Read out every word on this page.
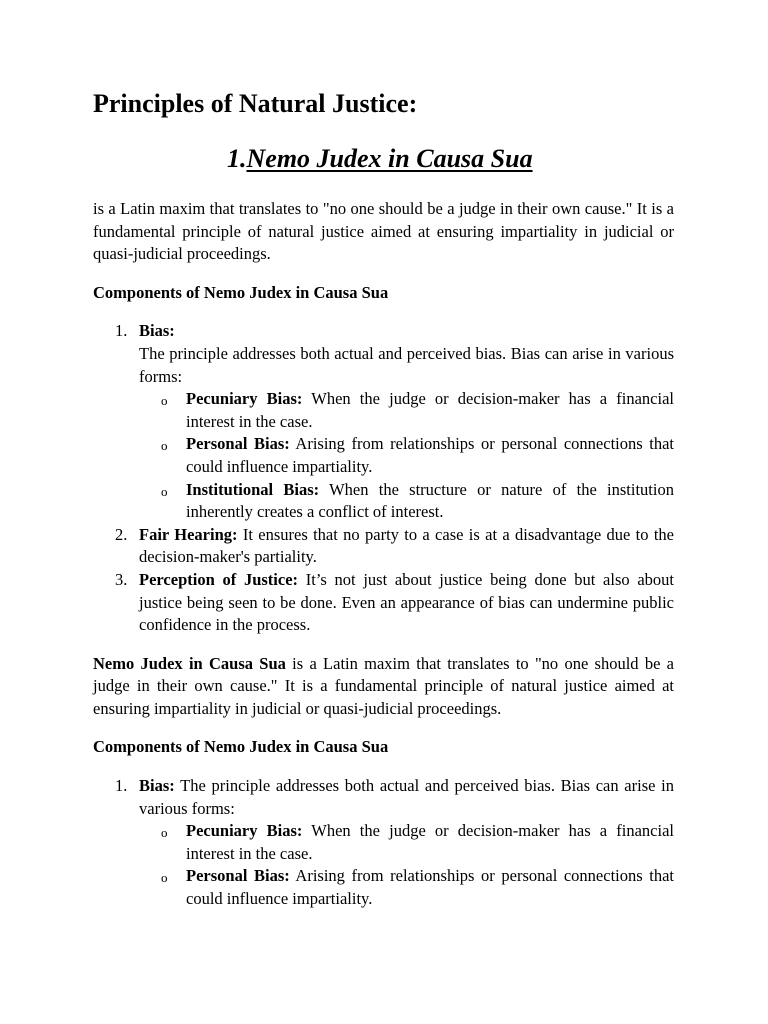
Principles of Natural Justice:
1.Nemo Judex in Causa Sua

is a Latin maxim that translates to "no one should be a judge in their own cause." It is a fundamental principle of natural justice aimed at ensuring impartiality in judicial or quasi-judicial proceedings.

Components of Nemo Judex in Causa Sua

1. Bias:
The principle addresses both actual and perceived bias. Bias can arise in various forms:
o Pecuniary Bias: When the judge or decision-maker has a financial interest in the case.
o Personal Bias: Arising from relationships or personal connections that could influence impartiality.
o Institutional Bias: When the structure or nature of the institution inherently creates a conflict of interest.
2. Fair Hearing: It ensures that no party to a case is at a disadvantage due to the decision-maker's partiality.
3. Perception of Justice: It’s not just about justice being done but also about justice being seen to be done. Even an appearance of bias can undermine public confidence in the process.

Nemo Judex in Causa Sua is a Latin maxim that translates to "no one should be a judge in their own cause." It is a fundamental principle of natural justice aimed at ensuring impartiality in judicial or quasi-judicial proceedings.

Components of Nemo Judex in Causa Sua

1. Bias: The principle addresses both actual and perceived bias. Bias can arise in various forms:
o Pecuniary Bias: When the judge or decision-maker has a financial interest in the case.
o Personal Bias: Arising from relationships or personal connections that could influence impartiality.
